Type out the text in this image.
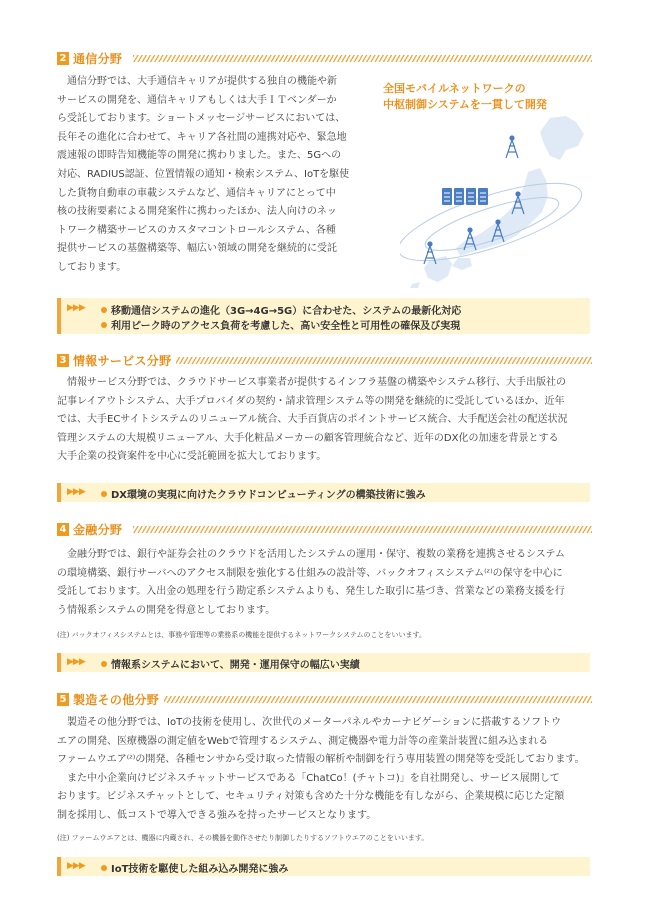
2 通信分野
通信分野では、大手通信キャリアが提供する独自の機能や新
サービスの開発を、通信キャリアもしくは大手ＩＴベンダーか
ら受託しております。ショートメッセージサービスにおいては、
長年その進化に合わせて、キャリア各社間の連携対応や、緊急地
震速報の即時告知機能等の開発に携わりました。また、5Gへの
対応、RADIUS認証、位置情報の通知・検索システム、IoTを駆使
した貨物自動車の車載システムなど、通信キャリアにとって中
核の技術要素による開発案件に携わったほか、法人向けのネッ
トワーク構築サービスのカスタマコントロールシステム、各種
提供サービスの基盤構築等、幅広い領域の開発を継続的に受託
しております。
全国モバイルネットワークの
中枢制御システムを一貫して開発
▶▶▶	移動通信システムの進化（3G→4G→5G）に合わせた、システムの最新化対応
利用ピーク時のアクセス負荷を考慮した、高い安全性と可用性の確保及び実現
3 情報サービス分野
情報サービス分野では、クラウドサービス事業者が提供するインフラ基盤の構築やシステム移行、大手出版社の
記事レイアウトシステム、大手プロバイダの契約・請求管理システム等の開発を継続的に受託しているほか、近年
では、大手ECサイトシステムのリニューアル統合、大手百貨店のポイントサービス統合、大手配送会社の配送状況
管理システムの大規模リニューアル、大手化粧品メーカーの顧客管理統合など、近年のDX化の加速を背景とする
大手企業の投資案件を中心に受託範囲を拡大しております。
▶▶▶	DX環境の実現に向けたクラウドコンピューティングの構築技術に強み
4 金融分野
金融分野では、銀行や証券会社のクラウドを活用したシステムの運用・保守、複数の業務を連携させるシステム
の環境構築、銀行サーバへのアクセス制限を強化する仕組みの設計等、バックオフィスシステム⁽ᶻ⁾の保守を中心に
受託しております。入出金の処理を行う勘定系システムよりも、発生した取引に基づき、営業などの業務支援を行
う情報系システムの開発を得意としております。
(注) バックオフィスシステムとは、事務や管理等の業務系の機能を提供するネットワークシステムのことをいいます。
▶▶▶	情報系システムにおいて、開発・運用保守の幅広い実績
5 製造その他分野
製造その他分野では、IoTの技術を使用し、次世代のメーターパネルやカーナビゲーションに搭載するソフトウ
エアの開発、医療機器の測定値をWebで管理するシステム、測定機器や電力計等の産業計装置に組み込まれる
ファームウエア⁽ᶻ⁾の開発、各種センサから受け取った情報の解析や制御を行う専用装置の開発等を受託しております。
また中小企業向けビジネスチャットサービスである「ChatCo！(チャトコ)」を自社開発し、サービス展開して
おります。ビジネスチャットとして、セキュリティ対策も含めた十分な機能を有しながら、企業規模に応じた定額
制を採用し、低コストで導入できる強みを持ったサービスとなります。
(注) ファームウエアとは、機器に内蔵され、その機器を動作させたり制御したりするソフトウエアのことをいいます。
▶▶▶	IoT技術を駆使した組み込み開発に強み
